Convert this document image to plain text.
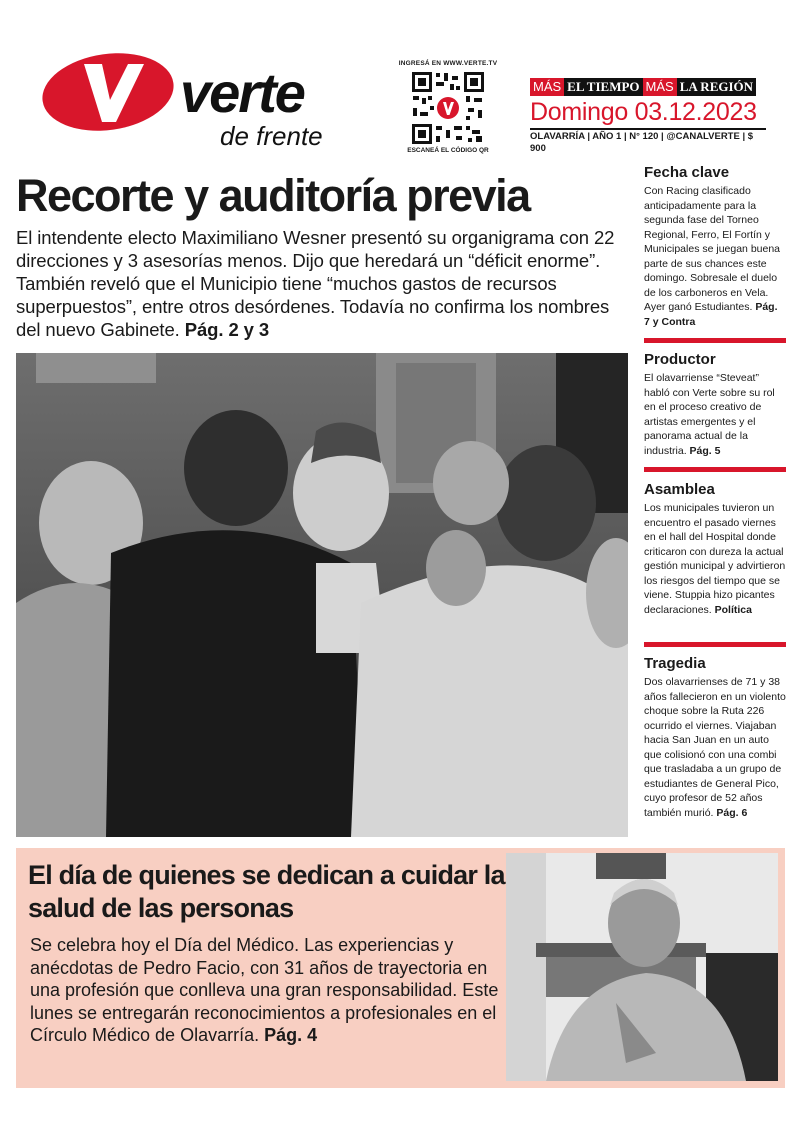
verte
de frente
INGRESÁ EN WWW.VERTE.TV
ESCANEÁ EL CÓDIGO QR
MÁS EL TIEMPO MÁS LA REGIÓN
Domingo 03.12.2023
OLAVARRÍA | AÑO 1 | N° 120 | @CANALVERTE | $ 900
Recorte y auditoría previa
El intendente electo Maximiliano Wesner presentó su organigrama con 22 direcciones y 3 asesorías menos. Dijo que heredará un “déficit enorme”. También reveló que el Municipio tiene “muchos gastos de recursos superpuestos”, entre otros desórdenes. Todavía no confirma los nombres del nuevo Gabinete. Pág. 2 y 3
Fecha clave
Con Racing clasificado anticipadamente para la segunda fase del Torneo Regional, Ferro, El Fortín y Municipales se juegan buena parte de sus chances este domingo. Sobresale el duelo de los carboneros en Vela. Ayer ganó Estudiantes. Pág. 7 y Contra
Productor
El olavarriense “Steveat” habló con Verte sobre su rol en el proceso creativo de artistas emergentes y el panorama actual de la industria. Pág. 5
Asamblea
Los municipales tuvieron un encuentro el pasado viernes en el hall del Hospital donde criticaron con dureza la actual gestión municipal y advirtieron los riesgos del tiempo que se viene. Stuppia hizo picantes declaraciones. Política
Tragedia
Dos olavarrienses de 71 y 38 años fallecieron en un violento choque sobre la Ruta 226 ocurrido el viernes. Viajaban hacia San Juan en un auto que colisionó con una combi que trasladaba a un grupo de estudiantes de General Pico, cuyo profesor de 52 años también murió. Pág. 6
El día de quienes se dedican a cuidar la salud de las personas
Se celebra hoy el Día del Médico. Las experiencias y anécdotas de Pedro Facio, con 31 años de trayectoria en una profesión que conlleva una gran responsabilidad. Este lunes se entregarán reconocimientos a profesionales en el Círculo Médico de Olavarría. Pág. 4
